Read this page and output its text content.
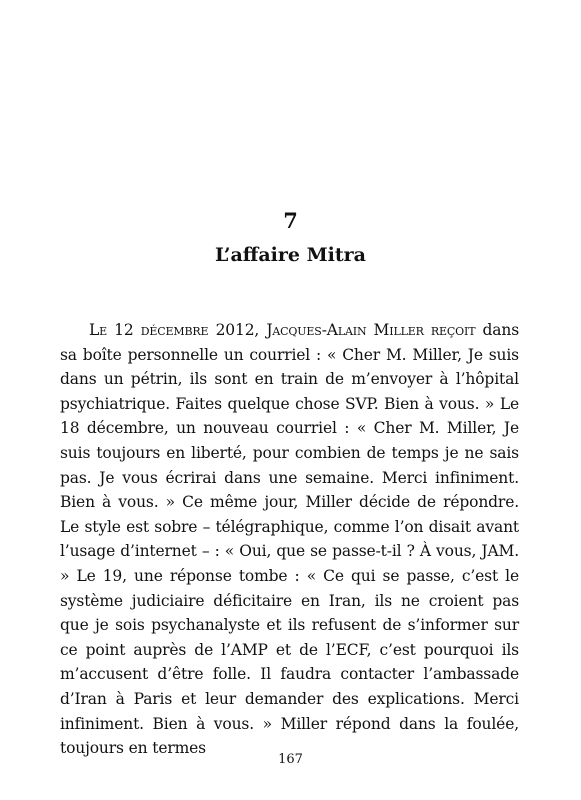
7
L’affaire Mitra

Le 12 décembre 2012, Jacques-Alain Miller reçoit dans sa boîte personnelle un courriel : « Cher M. Miller, Je suis dans un pétrin, ils sont en train de m’envoyer à l’hôpital psychiatrique. Faites quelque chose SVP. Bien à vous. » Le 18 décembre, un nouveau courriel : « Cher M. Miller, Je suis toujours en liberté, pour combien de temps je ne sais pas. Je vous écrirai dans une semaine. Merci infiniment. Bien à vous. » Ce même jour, Miller décide de répondre. Le style est sobre – télégraphique, comme l’on disait avant l’usage d’internet – : « Oui, que se passe-t-il ? À vous, JAM. » Le 19, une réponse tombe : « Ce qui se passe, c’est le système judiciaire déficitaire en Iran, ils ne croient pas que je sois psychanalyste et ils refusent de s’informer sur ce point auprès de l’AMP et de l’ECF, c’est pourquoi ils m’accusent d’être folle. Il faudra contacter l’ambassade d’Iran à Paris et leur demander des explications. Merci infiniment. Bien à vous. » Miller répond dans la foulée, toujours en termes

167
